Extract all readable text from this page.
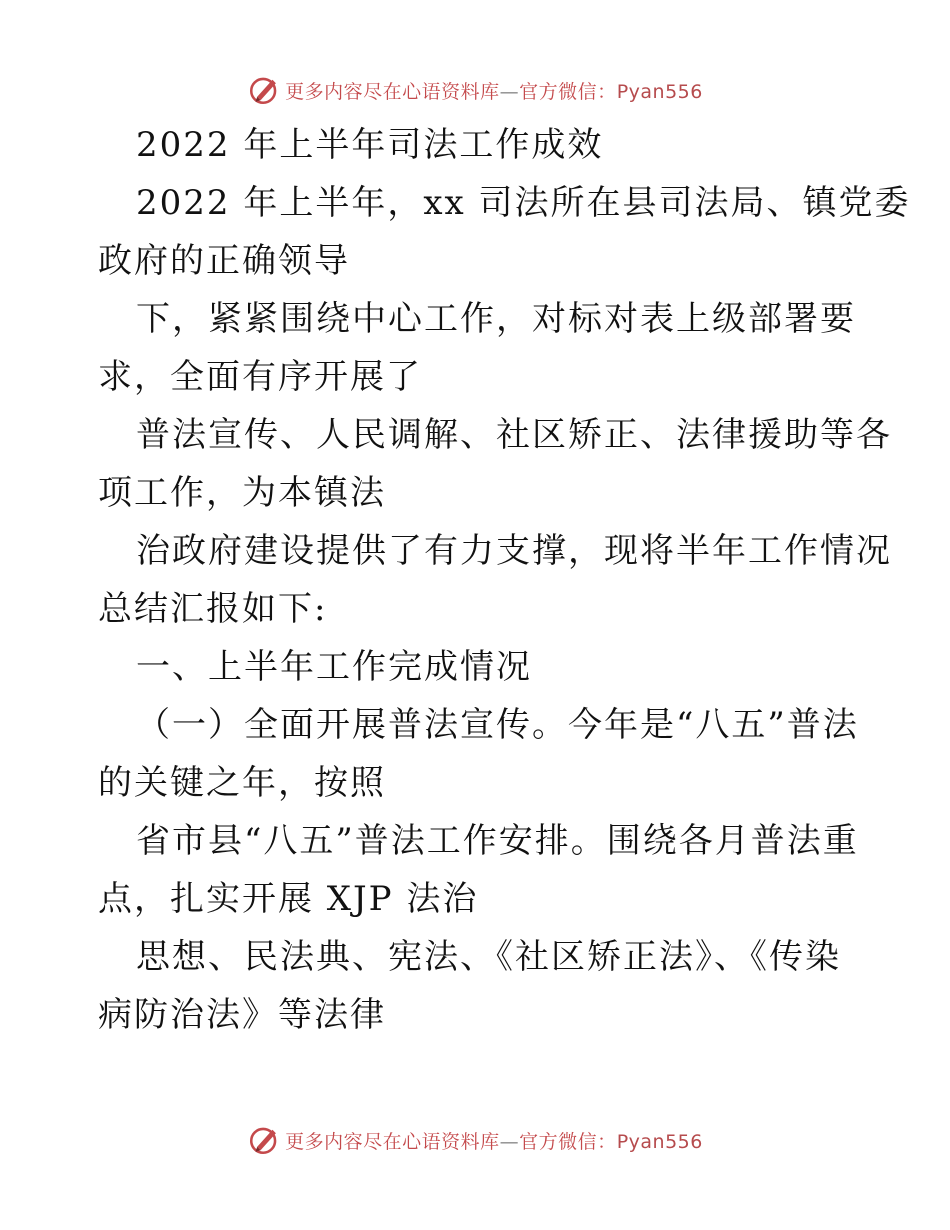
更多内容尽在心语资料库—官方微信：Pyan556
2022 年上半年司法工作成效
2022 年上半年，xx 司法所在县司法局、镇党委
政府的正确领导
下，紧紧围绕中心工作，对标对表上级部署要
求，全面有序开展了
普法宣传、人民调解、社区矫正、法律援助等各
项工作，为本镇法
治政府建设提供了有力支撑，现将半年工作情况
总结汇报如下:
一、上半年工作完成情况
（一）全面开展普法宣传。今年是“八五”普法
的关键之年，按照
省市县“八五”普法工作安排。围绕各月普法重
点，扎实开展 XJP 法治
思想、民法典、宪法、《社区矫正法》、《传染
病防治法》等法律
更多内容尽在心语资料库—官方微信：Pyan556
